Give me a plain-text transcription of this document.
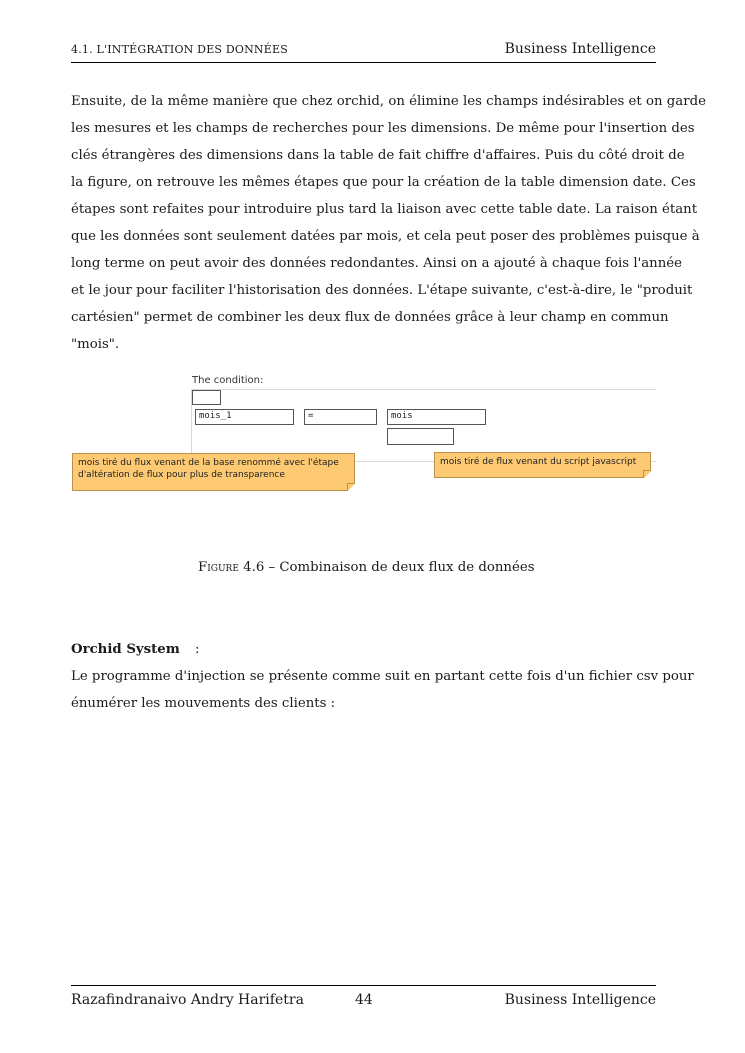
4.1. L'INTÉGRATION DES DONNÉES	Business Intelligence
Ensuite, de la même manière que chez orchid, on élimine les champs indésirables et on garde
les mesures et les champs de recherches pour les dimensions. De même pour l'insertion des
clés étrangères des dimensions dans la table de fait chiffre d'affaires. Puis du côté droit de
la figure, on retrouve les mêmes étapes que pour la création de la table dimension date. Ces
étapes sont refaites pour introduire plus tard la liaison avec cette table date. La raison étant
que les données sont seulement datées par mois, et cela peut poser des problèmes puisque à
long terme on peut avoir des données redondantes. Ainsi on a ajouté à chaque fois l'année
et le jour pour faciliter l'historisation des données. L'étape suivante, c'est-à-dire, le "produit
cartésien" permet de combiner les deux flux de données grâce à leur champ en commun
"mois".
The condition:
mois_1	=	mois
mois tiré du flux venant de la base renommé avec l'étape d'altération de flux pour plus de transparence
mois tiré de flux venant du script javascript
Figure 4.6 – Combinaison de deux flux de données
Orchid System :
Le programme d'injection se présente comme suit en partant cette fois d'un fichier csv pour
énumérer les mouvements des clients :
Razafindranaivo Andry Harifetra	44	Business Intelligence
